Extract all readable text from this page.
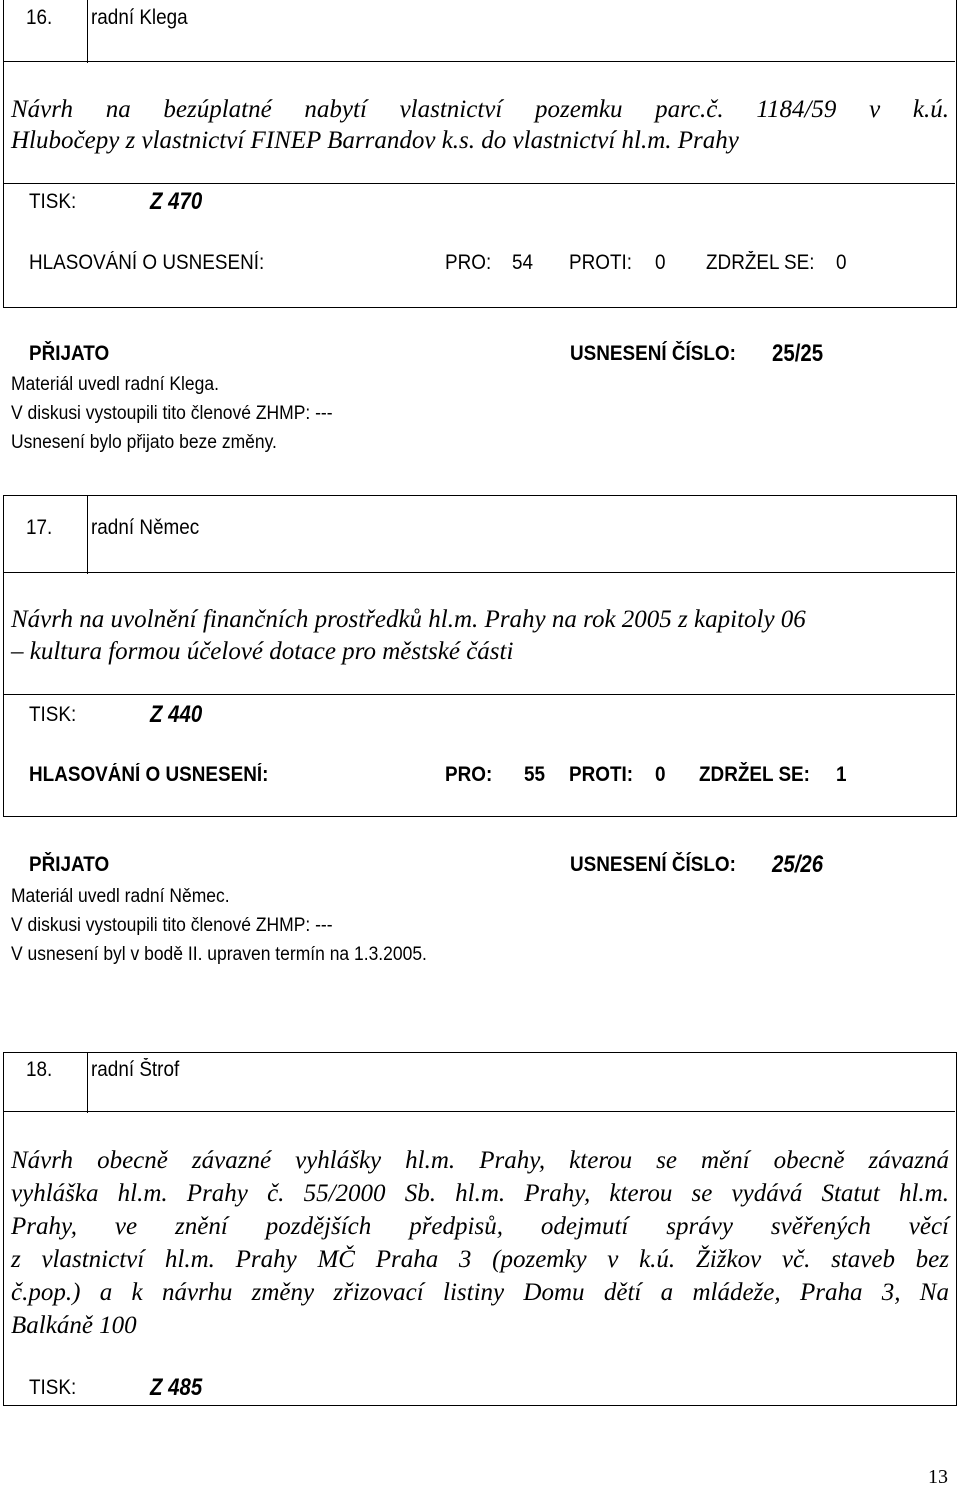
16. radní Klega
Návrh na bezúplatné nabytí vlastnictví pozemku parc.č. 1184/59 v k.ú.
Hlubočepy z vlastnictví FINEP Barrandov k.s. do vlastnictví hl.m. Prahy
TISK:	Z 470
HLASOVÁNÍ O USNESENÍ:	PRO: 54 PROTI: 0 ZDRŽEL SE: 0
PŘIJATO	USNESENÍ ČÍSLO: 25/25
Materiál uvedl radní Klega.
V diskusi vystoupili tito členové ZHMP: ---
Usnesení bylo přijato beze změny.
17. radní Němec
Návrh na uvolnění finančních prostředků hl.m. Prahy na rok 2005 z kapitoly 06
– kultura formou účelové dotace pro městské části
TISK:	Z 440
HLASOVÁNÍ O USNESENÍ:	PRO: 55 PROTI: 0 ZDRŽEL SE: 1
PŘIJATO	USNESENÍ ČÍSLO: 25/26
Materiál uvedl radní Němec.
V diskusi vystoupili tito členové ZHMP: ---
V usnesení byl v bodě II. upraven termín na 1.3.2005.
18. radní Štrof
Návrh obecně závazné vyhlášky hl.m. Prahy, kterou se mění obecně závazná
vyhláška hl.m. Prahy č. 55/2000 Sb. hl.m. Prahy, kterou se vydává Statut hl.m.
Prahy, ve znění pozdějších předpisů, odejmutí správy svěřených věcí
z vlastnictví hl.m. Prahy MČ Praha 3 (pozemky v k.ú. Žižkov vč. staveb bez
č.pop.) a k návrhu změny zřizovací listiny Domu dětí a mládeže, Praha 3, Na
Balkáně 100
TISK:	Z 485
13
